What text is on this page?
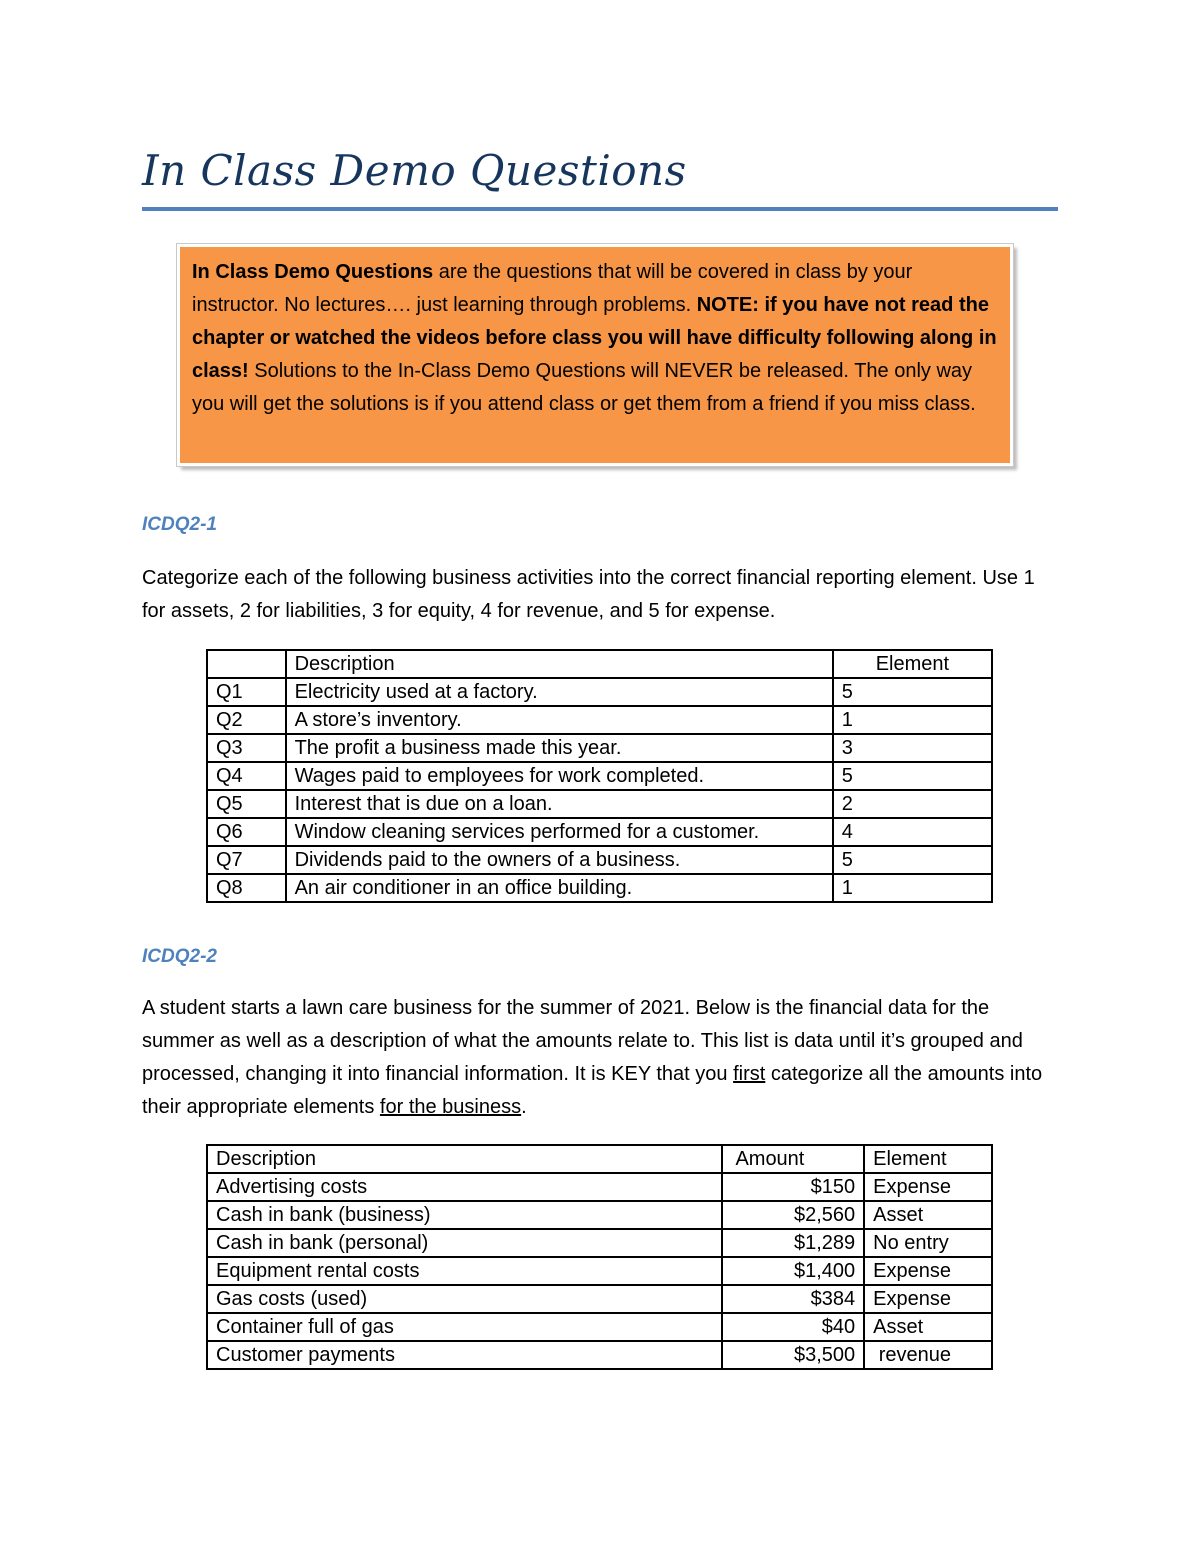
In Class Demo Questions
In Class Demo Questions are the questions that will be covered in class by your instructor. No lectures…. just learning through problems. NOTE: if you have not read the chapter or watched the videos before class you will have difficulty following along in class! Solutions to the In-Class Demo Questions will NEVER be released. The only way you will get the solutions is if you attend class or get them from a friend if you miss class.
ICDQ2-1

Categorize each of the following business activities into the correct financial reporting element. Use 1 for assets, 2 for liabilities, 3 for equity, 4 for revenue, and 5 for expense.

	Description	Element
Q1	Electricity used at a factory.	5
Q2	A store’s inventory.	1
Q3	The profit a business made this year.	3
Q4	Wages paid to employees for work completed.	5
Q5	Interest that is due on a loan.	2
Q6	Window cleaning services performed for a customer.	4
Q7	Dividends paid to the owners of a business.	5
Q8	An air conditioner in an office building.	1
ICDQ2-2

A student starts a lawn care business for the summer of 2021. Below is the financial data for the summer as well as a description of what the amounts relate to. This list is data until it’s grouped and processed, changing it into financial information. It is KEY that you first categorize all the amounts into their appropriate elements for the business.

Description	Amount	Element
Advertising costs	$150	Expense
Cash in bank (business)	$2,560	Asset
Cash in bank (personal)	$1,289	No entry
Equipment rental costs	$1,400	Expense
Gas costs (used)	$384	Expense
Container full of gas	$40	Asset
Customer payments	$3,500	revenue
